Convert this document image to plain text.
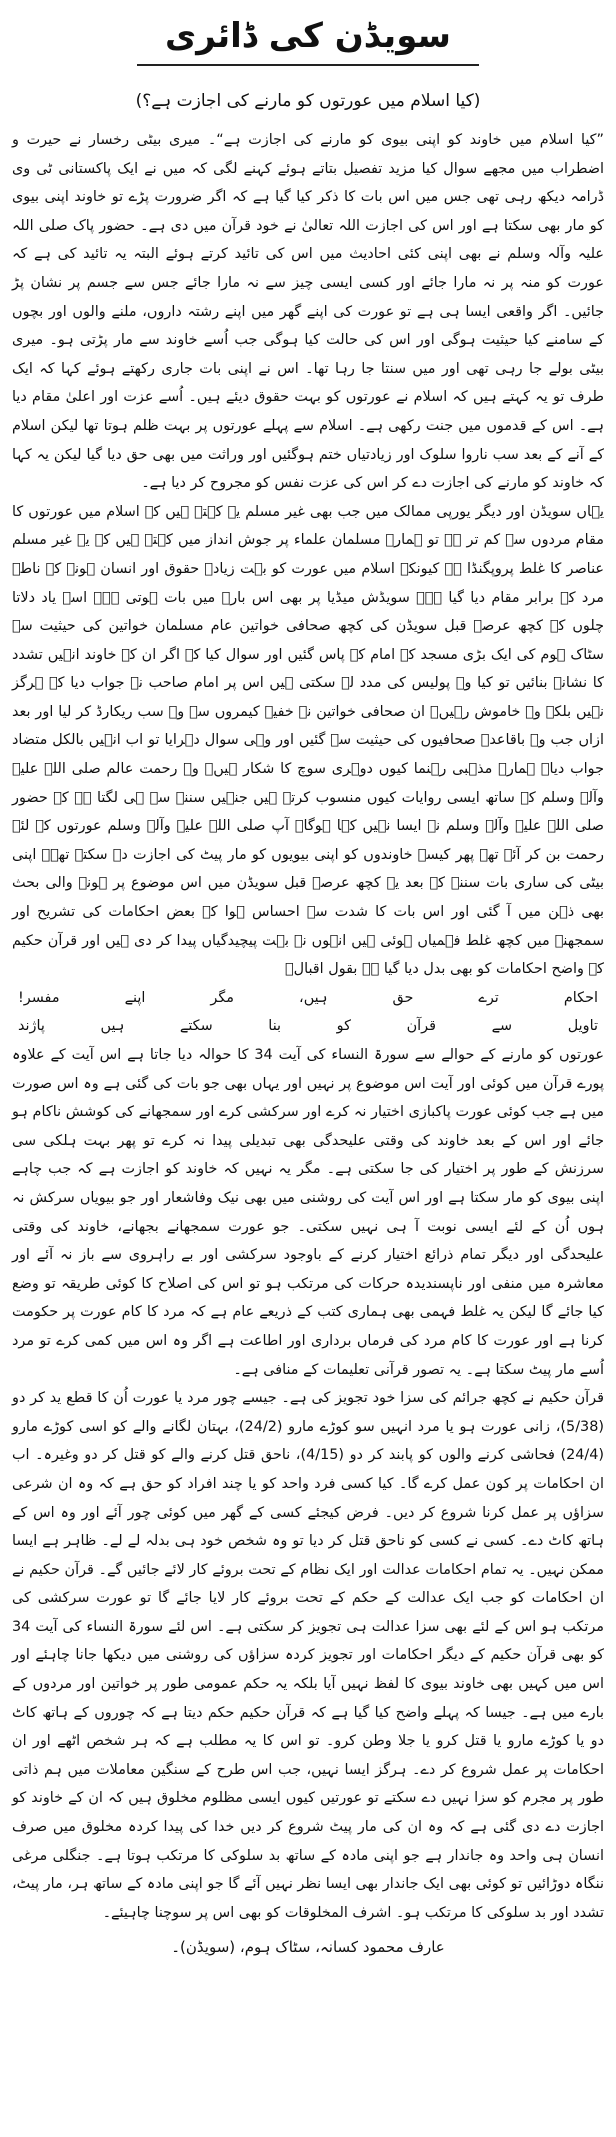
سویڈن کی ڈائری
(کیا اسلام میں عورتوں کو مارنے کی اجازت ہے؟)

”کیا اسلام میں خاوند کو اپنی بیوی کو مارنے کی اجازت ہے“۔ میری بیٹی رخسار نے حیرت و اضطراب میں مجھے سوال کیا مزید تفصیل بتاتے ہوئے کہنے لگی کہ میں نے ایک پاکستانی ٹی وی ڈرامہ دیکھ رہی تھی جس میں اس بات کا ذکر کیا گیا ہے کہ اگر ضرورت پڑے تو خاوند اپنی بیوی کو مار بھی سکتا ہے اور اس کی اجازت اللہ تعالیٰ نے خود قرآن میں دی ہے۔ حضور پاک صلی اللہ علیہ وآلہ وسلم نے بھی اپنی کئی احادیث میں اس کی تائید کرتے ہوئے البتہ یہ تائید کی ہے کہ عورت کو منہ پر نہ مارا جائے اور کسی ایسی چیز سے نہ مارا جائے جس سے جسم پر نشان پڑ جائیں۔ اگر واقعی ایسا ہی ہے تو عورت کی اپنے گھر میں اپنے رشتہ داروں، ملنے والوں اور بچوں کے سامنے کیا حیثیت ہوگی اور اس کی حالت کیا ہوگی جب اُسے خاوند سے مار پڑتی ہو۔ میری بیٹی بولے جا رہی تھی اور میں سنتا جا رہا تھا۔ اس نے اپنی بات جاری رکھتے ہوئے کہا کہ ایک طرف تو یہ کہتے ہیں کہ اسلام نے عورتوں کو بہت حقوق دیئے ہیں۔ اُسے عزت اور اعلیٰ مقام دیا ہے۔ اس کے قدموں میں جنت رکھی ہے۔ اسلام سے پہلے عورتوں پر بہت ظلم ہوتا تھا لیکن اسلام کے آنے کے بعد سب ناروا سلوک اور زیادتیاں ختم ہوگئیں اور وراثت میں بھی حق دیا گیا لیکن یہ کہا کہ خاوند کو مارنے کی اجازت دے کر اس کی عزت نفس کو مجروح کر دیا ہے۔

یہاں سویڈن اور دیگر یورپی ممالک میں جب بھی غیر مسلم یہ کہتے ہیں کہ اسلام میں عورتوں کا مقام مردوں سے کم تر ہے تو ہمارے مسلمان علماء پر جوش انداز میں کہتے ہیں کہ یہ غیر مسلم عناصر کا غلط پروپگنڈا ہے کیونکہ اسلام میں عورت کو بہت زیادہ حقوق اور انسان ہونے کے ناطے مرد کے برابر مقام دیا گیا ہے۔ سویڈش میڈیا پر بھی اس بارے میں بات ہوتی ہے۔ اسے یاد دلاتا چلوں کہ کچھ عرصہ قبل سویڈن کی کچھ صحافی خواتین عام مسلمان خواتین کی حیثیت سے سٹاک ہوم کی ایک بڑی مسجد کے امام کے پاس گئیں اور سوال کیا کہ اگر ان کے خاوند انہیں تشدد کا نشانہ بنائیں تو کیا وہ پولیس کی مدد لے سکتی ہیں اس پر امام صاحب نے جواب دیا کہ ہرگز نہیں بلکہ وہ خاموش رہیں۔ ان صحافی خواتین نے خفیہ کیمروں سے وہ سب ریکارڈ کر لیا اور بعد ازاں جب وہ باقاعدہ صحافیوں کی حیثیت سے گئیں اور وہی سوال دہرایا تو اب انہیں بالکل متضاد جواب دیا۔ ہمارے مذہبی رہنما کیوں دوہری سوچ کا شکار ہیں۔ وہ رحمت عالم صلی اللہ علیہ وآلہ وسلم کے ساتھ ایسی روایات کیوں منسوب کرتے ہیں جنہیں سننے سے ہی لگتا ہے کہ حضور صلی اللہ علیہ وآلہ وسلم نے ایسا نہیں کہا ہوگا۔ آپ صلی اللہ علیہ وآلہ وسلم عورتوں کے لئے رحمت بن کر آئے تھے پھر کیسے خاوندوں کو اپنی بیویوں کو مار پیٹ کی اجازت دے سکتے تھے۔ اپنی بیٹی کی ساری بات سننے کے بعد یہ کچھ عرصہ قبل سویڈن میں اس موضوع پر ہونے والی بحث بھی ذہن میں آ گئی اور اس بات کا شدت سے احساس ہوا کہ بعض احکامات کی تشریح اور سمجھنے میں کچھ غلط فہمیاں ہوئی ہیں انہوں نے بہت پیچیدگیاں پیدا کر دی ہیں اور قرآن حکیم کے واضح احکامات کو بھی بدل دیا گیا ہے بقول اقبالؒ

احکام ترے حق ہیں، مگر اپنے مفسر!
تاویل سے قرآن کو بنا سکتے ہیں پاژند

عورتوں کو مارنے کے حوالے سے سورۃ النساء کی آیت 34 کا حوالہ دیا جاتا ہے اس آیت کے علاوہ پورے قرآن میں کوئی اور آیت اس موضوع پر نہیں اور یہاں بھی جو بات کی گئی ہے وہ اس صورت میں ہے جب کوئی عورت پاکبازی اختیار نہ کرے اور سرکشی کرے اور سمجھانے کی کوشش ناکام ہو جائے اور اس کے بعد خاوند کی وقتی علیحدگی بھی تبدیلی پیدا نہ کرے تو پھر بہت ہلکی سی سرزنش کے طور پر اختیار کی جا سکتی ہے۔ مگر یہ نہیں کہ خاوند کو اجازت ہے کہ جب چاہے اپنی بیوی کو مار سکتا ہے اور اس آیت کی روشنی میں بھی نیک وفاشعار اور جو بیویاں سرکش نہ ہوں اُن کے لئے ایسی نوبت آ ہی نہیں سکتی۔ جو عورت سمجھانے بجھانے، خاوند کی وقتی علیحدگی اور دیگر تمام ذرائع اختیار کرنے کے باوجود سرکشی اور بے راہروی سے باز نہ آئے اور معاشرہ میں منفی اور ناپسندیدہ حرکات کی مرتکب ہو تو اس کی اصلاح کا کوئی طریقہ تو وضع کیا جائے گا لیکن یہ غلط فہمی بھی ہماری کتب کے ذریعے عام ہے کہ مرد کا کام عورت پر حکومت کرنا ہے اور عورت کا کام مرد کی فرماں برداری اور اطاعت ہے اگر وہ اس میں کمی کرے تو مرد اُسے مار پیٹ سکتا ہے۔ یہ تصور قرآنی تعلیمات کے منافی ہے۔

قرآن حکیم نے کچھ جرائم کی سزا خود تجویز کی ہے۔ جیسے چور مرد یا عورت اُن کا قطع ید کر دو (5/38)، زانی عورت ہو یا مرد انہیں سو کوڑے مارو (24/2)، بہتان لگانے والے کو اسی کوڑے مارو (24/4) فحاشی کرنے والوں کو پابند کر دو (4/15)، ناحق قتل کرنے والے کو قتل کر دو وغیرہ۔ اب ان احکامات پر کون عمل کرے گا۔ کیا کسی فرد واحد کو یا چند افراد کو حق ہے کہ وہ ان شرعی سزاؤں پر عمل کرنا شروع کر دیں۔ فرض کیجئے کسی کے گھر میں کوئی چور آئے اور وہ اس کے ہاتھ کاٹ دے۔ کسی نے کسی کو ناحق قتل کر دیا تو وہ شخص خود ہی بدلہ لے لے۔ ظاہر ہے ایسا ممکن نہیں۔ یہ تمام احکامات عدالت اور ایک نظام کے تحت بروئے کار لائے جائیں گے۔ قرآن حکیم نے ان احکامات کو جب ایک عدالت کے حکم کے تحت بروئے کار لایا جائے گا تو عورت سرکشی کی مرتکب ہو اس کے لئے بھی سزا عدالت ہی تجویز کر سکتی ہے۔ اس لئے سورۃ النساء کی آیت 34 کو بھی قرآن حکیم کے دیگر احکامات اور تجویز کردہ سزاؤں کی روشنی میں دیکھا جانا چاہئے اور اس میں کہیں بھی خاوند بیوی کا لفظ نہیں آیا بلکہ یہ حکم عمومی طور پر خواتین اور مردوں کے بارے میں ہے۔ جیسا کہ پہلے واضح کیا گیا ہے کہ قرآن حکیم حکم دیتا ہے کہ چوروں کے ہاتھ کاٹ دو یا کوڑے مارو یا قتل کرو یا جلا وطن کرو۔ تو اس کا یہ مطلب ہے کہ ہر شخص اٹھے اور ان احکامات پر عمل شروع کر دے۔ ہرگز ایسا نہیں، جب اس طرح کے سنگین معاملات میں ہم ذاتی طور پر مجرم کو سزا نہیں دے سکتے تو عورتیں کیوں ایسی مظلوم مخلوق ہیں کہ ان کے خاوند کو اجازت دے دی گئی ہے کہ وہ ان کی مار پیٹ شروع کر دیں خدا کی پیدا کردہ مخلوق میں صرف انسان ہی واحد وہ جاندار ہے جو اپنی مادہ کے ساتھ بد سلوکی کا مرتکب ہوتا ہے۔ جنگلی مرغی ننگاہ دوڑائیں تو کوئی بھی ایک جاندار بھی ایسا نظر نہیں آئے گا جو اپنی مادہ کے ساتھ ہر، مار پیٹ، تشدد اور بد سلوکی کا مرتکب ہو۔ اشرف المخلوقات کو بھی اس پر سوچنا چاہیئے۔

عارف محمود کسانہ، سٹاک ہوم، (سویڈن)۔
